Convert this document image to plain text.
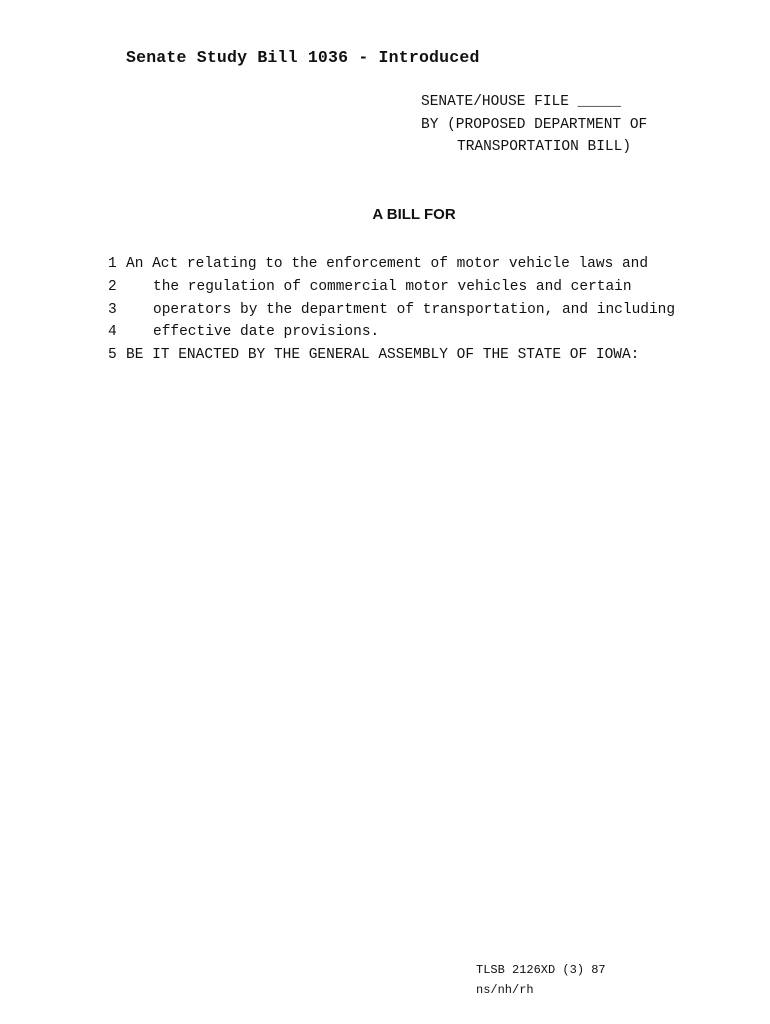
Senate Study Bill 1036 - Introduced
SENATE/HOUSE FILE _____
BY (PROPOSED DEPARTMENT OF
TRANSPORTATION BILL)
A BILL FOR
1 An Act relating to the enforcement of motor vehicle laws and
2	the regulation of commercial motor vehicles and certain
3	operators by the department of transportation, and including
4	effective date provisions.
5 BE IT ENACTED BY THE GENERAL ASSEMBLY OF THE STATE OF IOWA:
TLSB 2126XD (3) 87
ns/nh/rh
